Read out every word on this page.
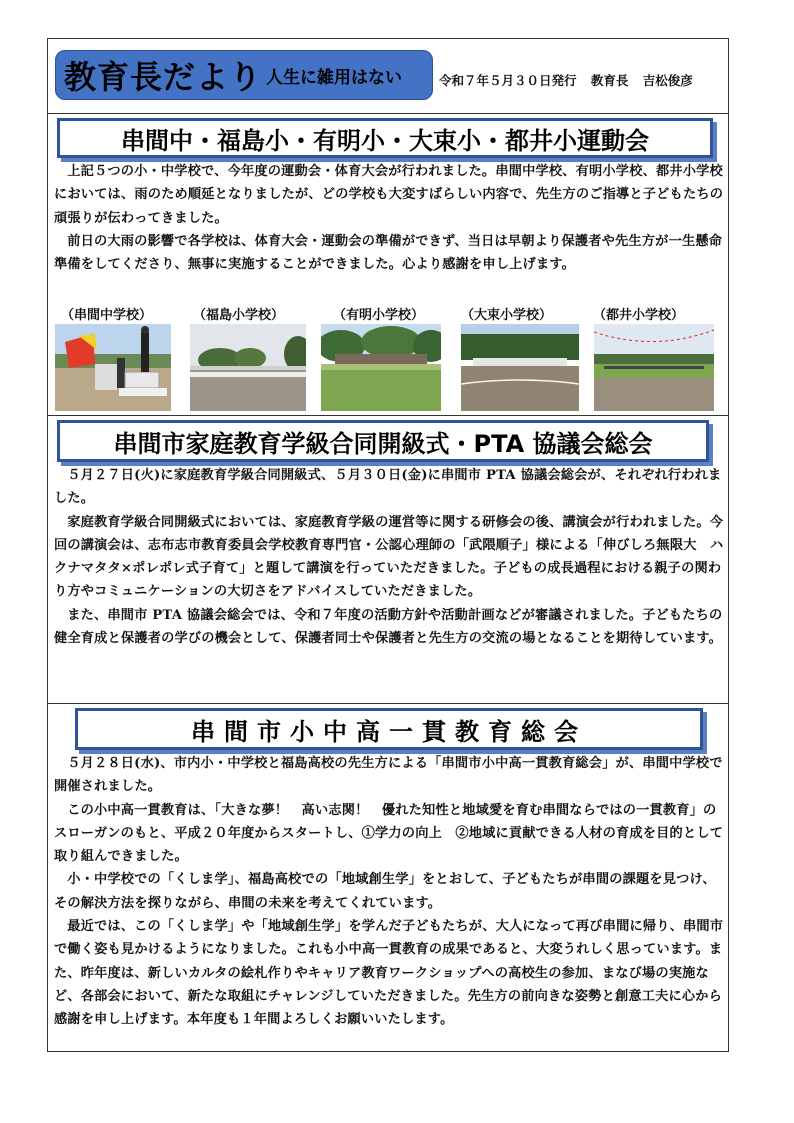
教育長だより 人生に雑用はない	令和７年５月３０日発行 教育長 吉松俊彦
串間中・福島小・有明小・大束小・都井小運動会

上記５つの小・中学校で、今年度の運動会・体育大会が行われました。串間中学校、有明小学校、都井小学校においては、雨のため順延となりましたが、どの学校も大変すばらしい内容で、先生方のご指導と子どもたちの頑張りが伝わってきました。

前日の大雨の影響で各学校は、体育大会・運動会の準備ができず、当日は早朝より保護者や先生方が一生懸命準備をしてくださり、無事に実施することができました。心より感謝を申し上げます。

（串間中学校）	（福島小学校）	（有明小学校）	（大束小学校）	（都井小学校）
串間市家庭教育学級合同開級式・PTA 協議会総会

５月２７日(火)に家庭教育学級合同開級式、５月３０日(金)に串間市 PTA 協議会総会が、それぞれ行われました。

家庭教育学級合同開級式においては、家庭教育学級の運営等に関する研修会の後、講演会が行われました。今回の講演会は、志布志市教育委員会学校教育専門官・公認心理師の「武隈順子」様による「伸びしろ無限大　ハクナマタタ×ポレポレ式子育て」と題して講演を行っていただきました。子どもの成長過程における親子の関わり方やコミュニケーションの大切さをアドバイスしていただきました。

また、串間市 PTA 協議会総会では、令和７年度の活動方針や活動計画などが審議されました。子どもたちの健全育成と保護者の学びの機会として、保護者同士や保護者と先生方の交流の場となることを期待しています。

串間市小中高一貫教育総会

５月２８日(水)、市内小・中学校と福島高校の先生方による「串間市小中高一貫教育総会」が、串間中学校で開催されました。

この小中高一貫教育は、「大きな夢！　高い志関！　優れた知性と地域愛を育む串間ならではの一貫教育」のスローガンのもと、平成２０年度からスタートし、①学力の向上　②地域に貢献できる人材の育成を目的として取り組んできました。

小・中学校での「くしま学」、福島高校での「地域創生学」をとおして、子どもたちが串間の課題を見つけ、その解決方法を探りながら、串間の未来を考えてくれています。

最近では、この「くしま学」や「地域創生学」を学んだ子どもたちが、大人になって再び串間に帰り、串間市で働く姿も見かけるようになりました。これも小中高一貫教育の成果であると、大変うれしく思っています。また、昨年度は、新しいカルタの絵札作りやキャリア教育ワークショップへの高校生の参加、まなび場の実施など、各部会において、新たな取組にチャレンジしていただきました。先生方の前向きな姿勢と創意工夫に心から感謝を申し上げます。本年度も１年間よろしくお願いいたします。
